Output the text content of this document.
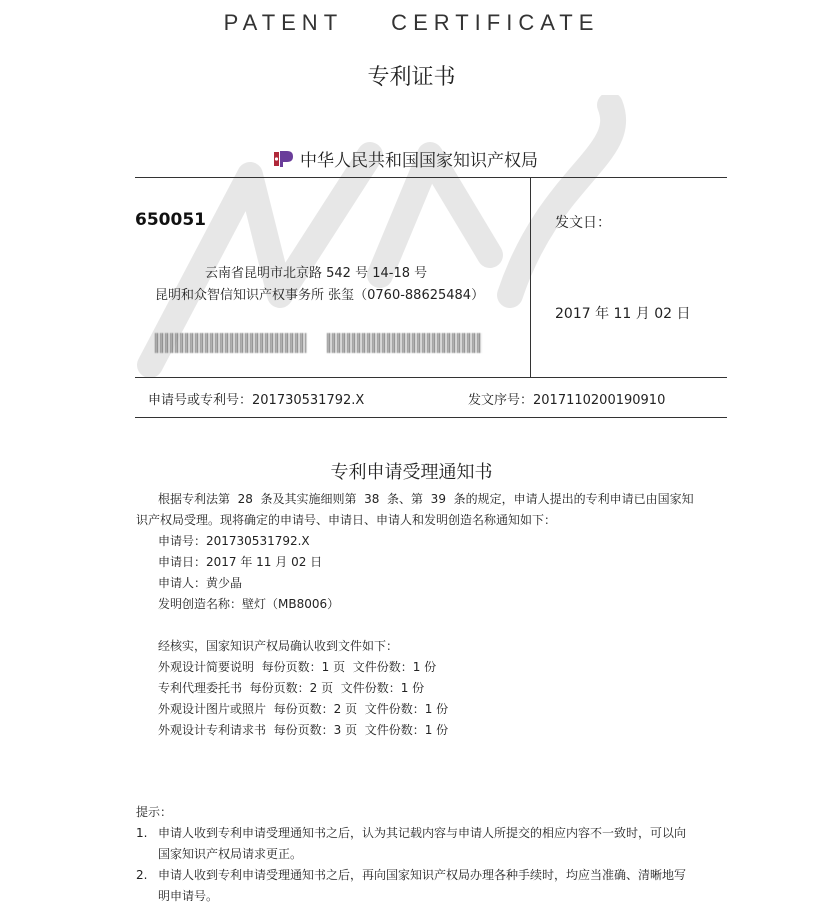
PATENT    CERTIFICATE
专利证书
中华人民共和国国家知识产权局
650051
云南省昆明市北京路 542 号 14-18 号
昆明和众智信知识产权事务所 张玺（0760-88625484）
发文日：
2017 年 11 月 02 日
申请号或专利号：201730531792.X	发文序号：2017110200190910
专利申请受理通知书
根据专利法第  28  条及其实施细则第  38  条、第  39  条的规定，申请人提出的专利申请已由国家知
识产权局受理。现将确定的申请号、申请日、申请人和发明创造名称通知如下：
申请号：201730531792.X
申请日：2017 年 11 月 02 日
申请人：黄少晶
发明创造名称：壁灯（MB8006）
经核实，国家知识产权局确认收到文件如下：
外观设计简要说明  每份页数：1 页  文件份数：1 份
专利代理委托书  每份页数：2 页  文件份数：1 份
外观设计图片或照片  每份页数：2 页  文件份数：1 份
外观设计专利请求书  每份页数：3 页  文件份数：1 份
提示：
1. 申请人收到专利申请受理通知书之后，认为其记载内容与申请人所提交的相应内容不一致时，可以向
国家知识产权局请求更正。
2. 申请人收到专利申请受理通知书之后，再向国家知识产权局办理各种手续时，均应当准确、清晰地写
明申请号。
